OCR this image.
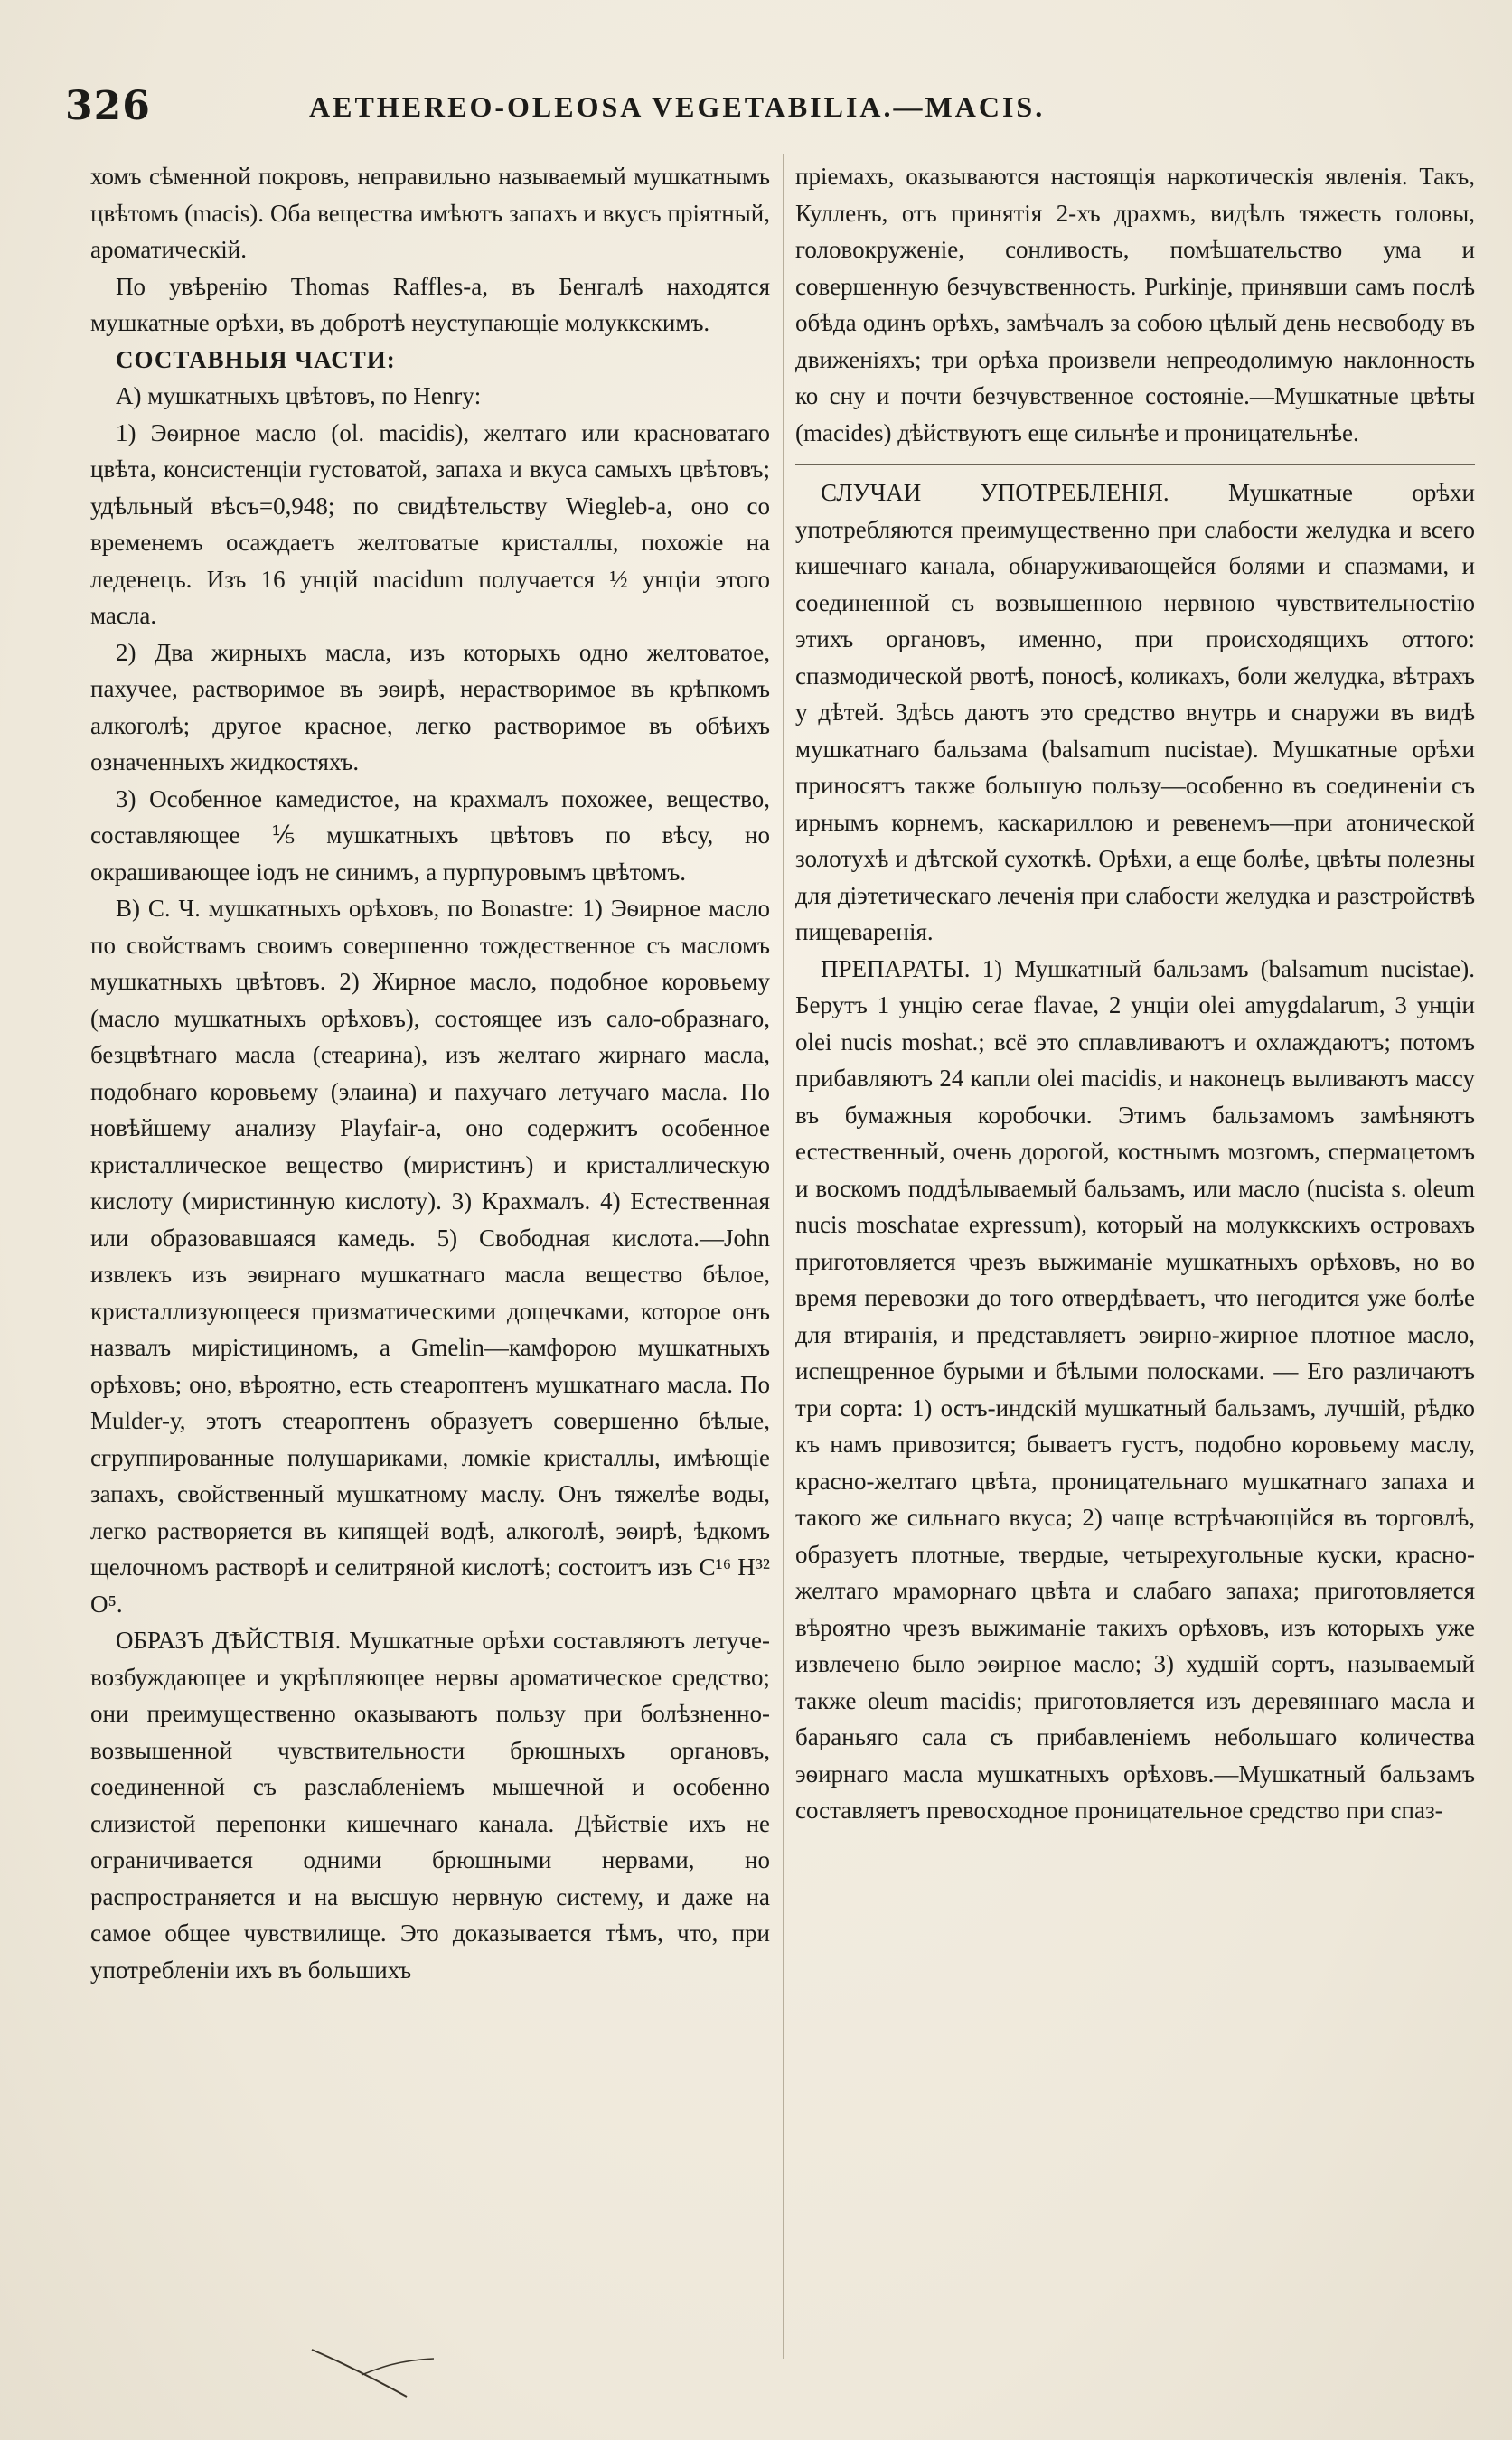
326	AETHEREO-OLEOSA VEGETABILIA.—MACIS.

хомъ сѣменной покровъ, неправильно называемый мушкатнымъ цвѣтомъ (macis). Оба вещества имѣютъ запахъ и вкусъ пріятный, ароматическій.

По увѣренію Thomas Raffles-а, въ Бенгалѣ находятся мушкатные орѣхи, въ добротѣ неуступающіе молуккскимъ.

СОСТАВНЫЯ ЧАСТИ:

А) мушкатныхъ цвѣтовъ, по Henry:

1) Эѳирное масло (ol. macidis), желтаго или красноватаго цвѣта, консистенціи густоватой, запаха и вкуса самыхъ цвѣтовъ; удѣльный вѣсъ=0,948; по свидѣтельству Wiegleb-а, оно со временемъ осаждаетъ желтоватые кристаллы, похожіе на леденецъ. Изъ 16 унцій macidum получается ½ унціи этого масла.

2) Два жирныхъ масла, изъ которыхъ одно желтоватое, пахучее, растворимое въ эѳирѣ, нерастворимое въ крѣпкомъ алкоголѣ; другое красное, легко растворимое въ обѣихъ означенныхъ жидкостяхъ.

3) Особенное камедистое, на крахмалъ похожее, вещество, составляющее ⅕ мушкатныхъ цвѣтовъ по вѣсу, но окрашивающее іодъ не синимъ, а пурпуровымъ цвѣтомъ.

В) С. Ч. мушкатныхъ орѣховъ, по Bonastre: 1) Эѳирное масло по свойствамъ своимъ совершенно тождественное съ масломъ мушкатныхъ цвѣтовъ. 2) Жирное масло, подобное коровьему (масло мушкатныхъ орѣховъ), состоящее изъ сало-образнаго, безцвѣтнаго масла (стеарина), изъ желтаго жирнаго масла, подобнаго коровьему (элаина) и пахучаго летучаго масла. По новѣйшему анализу Playfair-а, оно содержитъ особенное кристаллическое вещество (миристинъ) и кристаллическую кислоту (миристинную кислоту). 3) Крахмалъ. 4) Естественная или образовавшаяся камедь. 5) Свободная кислота.—John извлекъ изъ эѳирнаго мушкатнаго масла вещество бѣлое, кристаллизующееся призматическими дощечками, которое онъ назвалъ мирістициномъ, а Gmelin—камфорою мушкатныхъ орѣховъ; оно, вѣроятно, есть стеароптенъ мушкатнаго масла. По Mulder-у, этотъ стеароптенъ образуетъ совершенно бѣлые, сгруппированные полушариками, ломкіе кристаллы, имѣющіе запахъ, свойственный мушкатному маслу. Онъ тяжелѣе воды, легко растворяется въ кипящей водѣ, алкоголѣ, эѳирѣ, ѣдкомъ щелочномъ растворѣ и селитряной кислотѣ; состоитъ изъ C¹⁶ H³² O⁵.

ОБРАЗЪ ДѢЙСТВІЯ. Мушкатные орѣхи составляютъ летуче-возбуждающее и укрѣпляющее нервы ароматическое средство; они преимущественно оказываютъ пользу при болѣзненно-возвышенной чувствительности брюшныхъ органовъ, соединенной съ разслабленіемъ мышечной и особенно слизистой перепонки кишечнаго канала. Дѣйствіе ихъ не ограничивается одними брюшными нервами, но распространяется и на высшую нервную систему, и даже на самое общее чувствилище. Это доказывается тѣмъ, что, при употребленіи ихъ въ большихъ

пріемахъ, оказываются настоящія наркотическія явленія. Такъ, Кулленъ, отъ принятія 2-хъ драхмъ, видѣлъ тяжесть головы, головокруженіе, сонливость, помѣшательство ума и совершенную безчувственность. Purkinje, принявши самъ послѣ обѣда одинъ орѣхъ, замѣчалъ за собою цѣлый день несвободу въ движеніяхъ; три орѣха произвели непреодолимую наклонность ко сну и почти безчувственное состояніе.—Мушкатные цвѣты (macides) дѣйствуютъ еще сильнѣе и проницательнѣе.

СЛУЧАИ УПОТРЕБЛЕНІЯ. Мушкатные орѣхи употребляются преимущественно при слабости желудка и всего кишечнаго канала, обнаруживающейся болями и спазмами, и соединенной съ возвышенною нервною чувствительностію этихъ органовъ, именно, при происходящихъ оттого: спазмодической рвотѣ, поносѣ, коликахъ, боли желудка, вѣтрахъ у дѣтей. Здѣсь даютъ это средство внутрь и снаружи въ видѣ мушкатнаго бальзама (balsamum nucistae). Мушкатные орѣхи приносятъ также большую пользу—особенно въ соединеніи съ ирнымъ корнемъ, каскариллою и ревенемъ—при атонической золотухѣ и дѣтской сухоткѣ. Орѣхи, а еще болѣе, цвѣты полезны для діэтетическаго леченія при слабости желудка и разстройствѣ пищеваренія.

ПРЕПАРАТЫ. 1) Мушкатный бальзамъ (balsamum nucistae). Берутъ 1 унцію cerae flavae, 2 унціи olei amygdalarum, 3 унціи olei nucis moshat.; всё это сплавливаютъ и охлаждаютъ; потомъ прибавляютъ 24 капли olei macidis, и наконецъ выливаютъ массу въ бумажныя коробочки. Этимъ бальзамомъ замѣняютъ естественный, очень дорогой, костнымъ мозгомъ, спермацетомъ и воскомъ поддѣлываемый бальзамъ, или масло (nucista s. oleum nucis moschatae expressum), который на молуккскихъ островахъ приготовляется чрезъ выжиманіе мушкатныхъ орѣховъ, но во время перевозки до того отвердѣваетъ, что негодится уже болѣе для втиранія, и представляетъ эѳирно-жирное плотное масло, испещренное бурыми и бѣлыми полосками. — Его различаютъ три сорта: 1) остъ-индскій мушкатный бальзамъ, лучшій, рѣдко къ намъ привозится; бываетъ густъ, подобно коровьему маслу, красно-желтаго цвѣта, проницательнаго мушкатнаго запаха и такого же сильнаго вкуса; 2) чаще встрѣчающійся въ торговлѣ, образуетъ плотные, твердые, четырехугольные куски, красно-желтаго мраморнаго цвѣта и слабаго запаха; приготовляется вѣроятно чрезъ выжиманіе такихъ орѣховъ, изъ которыхъ уже извлечено было эѳирное масло; 3) худшій сортъ, называемый также oleum macidis; приготовляется изъ деревяннаго масла и бараньяго сала съ прибавленіемъ небольшаго количества эѳирнаго масла мушкатныхъ орѣховъ.—Мушкатный бальзамъ составляетъ превосходное проницательное средство при спаз-
